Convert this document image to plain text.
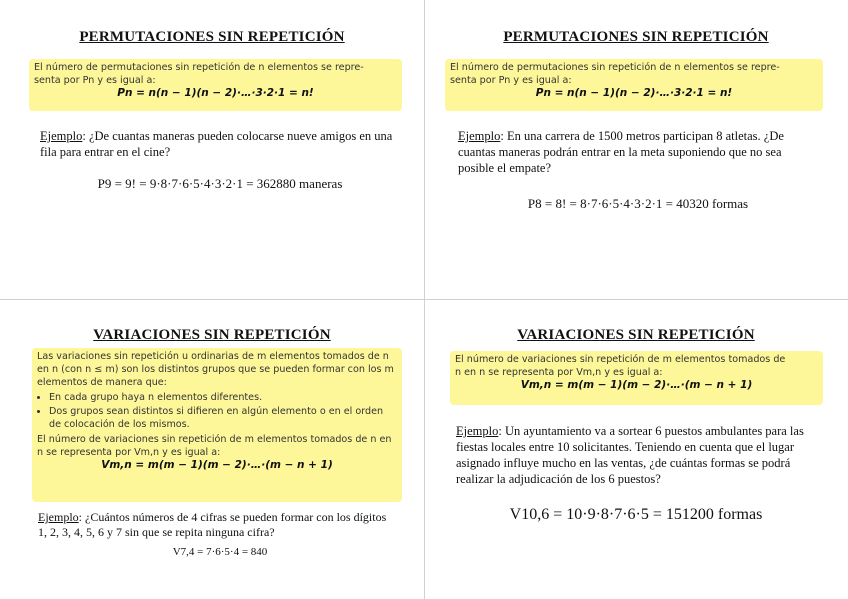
PERMUTACIONES SIN REPETICIÓN
El número de permutaciones sin repetición de n elementos se repre-
senta por Pn y es igual a:
Pn = n(n − 1)(n − 2)·…·3·2·1 = n!
Ejemplo: ¿De cuantas maneras pueden colocarse nueve amigos en una fila para entrar en el cine?
P9 = 9! = 9·8·7·6·5·4·3·2·1 = 362880 maneras
PERMUTACIONES SIN REPETICIÓN
El número de permutaciones sin repetición de n elementos se repre-
senta por Pn y es igual a:
Pn = n(n − 1)(n − 2)·…·3·2·1 = n!
Ejemplo: En una carrera de 1500 metros participan 8 atletas. ¿De cuantas maneras podrán entrar en la meta suponiendo que no sea posible el empate?
P8 = 8! = 8·7·6·5·4·3·2·1 = 40320 formas
VARIACIONES SIN REPETICIÓN
Las variaciones sin repetición u ordinarias de m elementos tomados de n en n (con n ≤ m) son los distintos grupos que se pueden formar con los m elementos de manera que:
• En cada grupo haya n elementos diferentes.
• Dos grupos sean distintos si difieren en algún elemento o en el orden de colocación de los mismos.
El número de variaciones sin repetición de m elementos tomados de n en n se representa por Vm,n y es igual a:
Vm,n = m(m − 1)(m − 2)·…·(m − n + 1)
Ejemplo: ¿Cuántos números de 4 cifras se pueden formar con los dígitos 1, 2, 3, 4, 5, 6 y 7 sin que se repita ninguna cifra?
V7,4 = 7·6·5·4 = 840
VARIACIONES SIN REPETICIÓN
El número de variaciones sin repetición de m elementos tomados de
n en n se representa por Vm,n y es igual a:
Vm,n = m(m − 1)(m − 2)·…·(m − n + 1)
Ejemplo: Un ayuntamiento va a sortear 6 puestos ambulantes para las fiestas locales entre 10 solicitantes. Teniendo en cuenta que el lugar asignado influye mucho en las ventas, ¿de cuántas formas se podrá realizar la adjudicación de los 6 puestos?
V10,6 = 10·9·8·7·6·5 = 151200 formas
